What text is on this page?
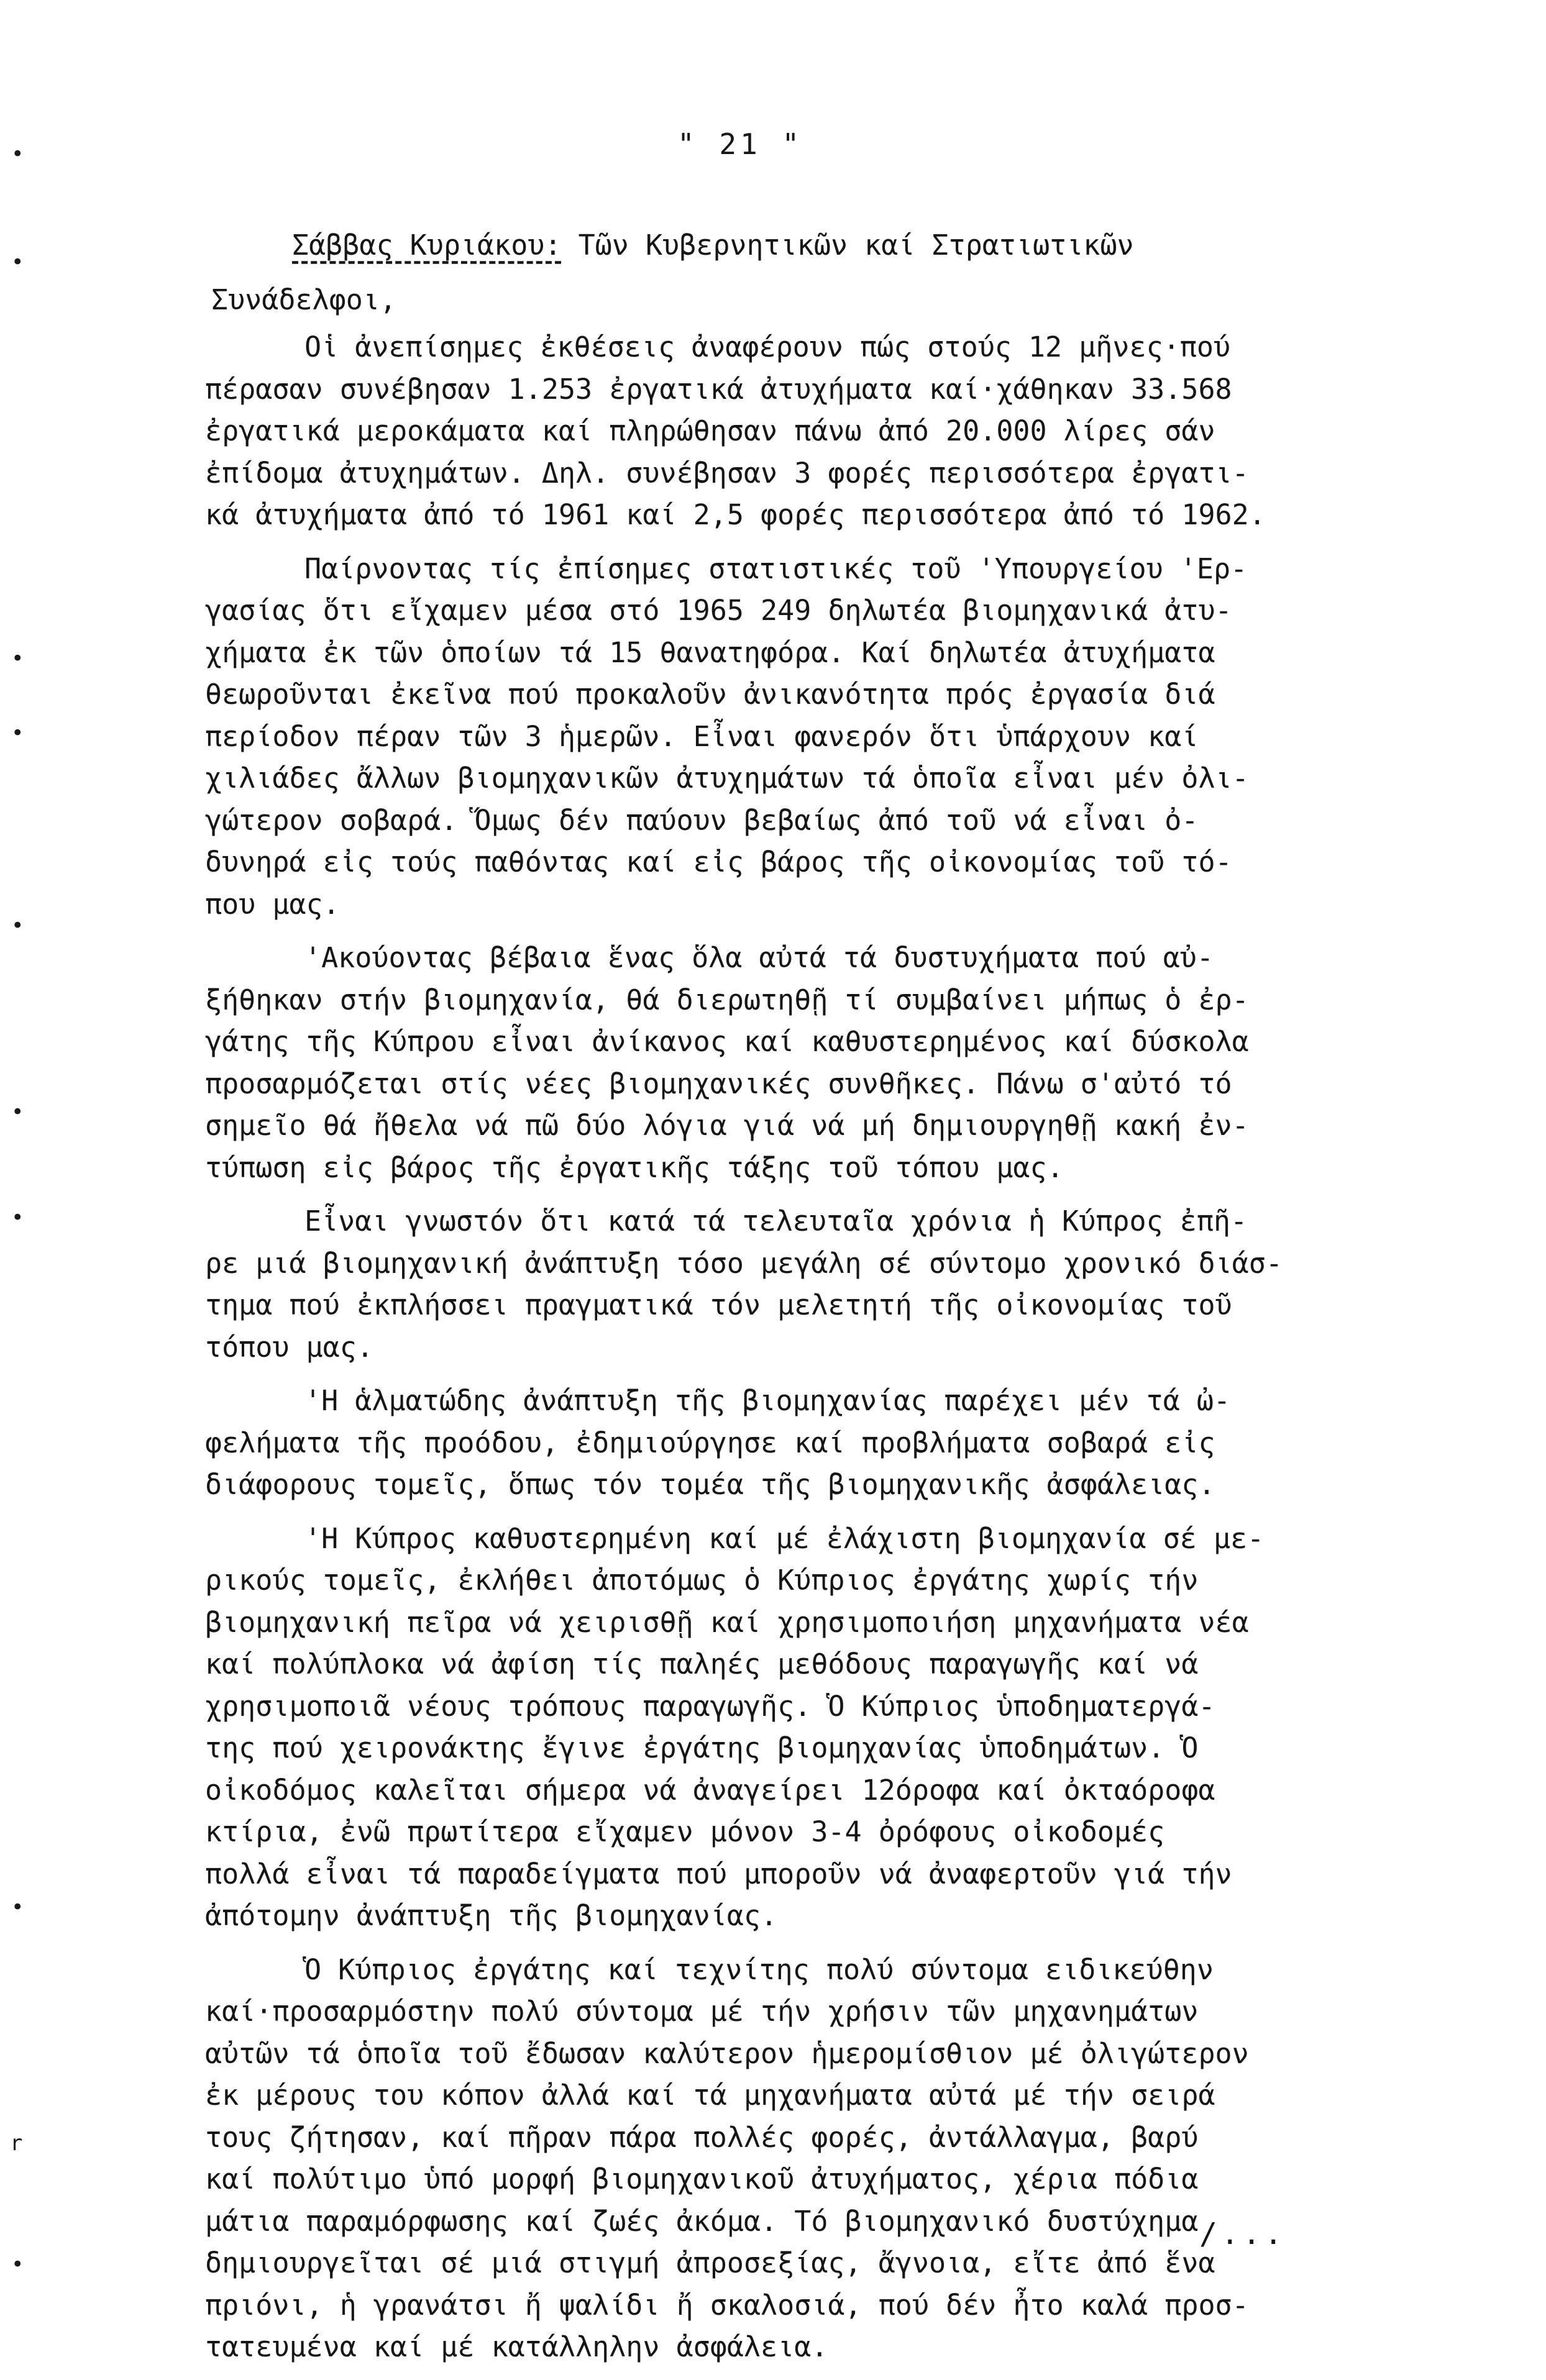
" 21 "
Σάββας Κυριάκου: Τῶν Κυβερνητικῶν καί Στρατιωτικῶν
Συνάδελφοι,
Οἱ ἀνεπίσημες ἐκθέσεις ἀναφέρουν πώς στούς 12 μῆνες·πού
πέρασαν συνέβησαν 1.253 ἐργατικά ἀτυχήματα καί·χάθηκαν 33.568
ἐργατικά μεροκάματα καί πληρώθησαν πάνω ἀπό 20.000 λίρες σάν
ἐπίδομα ἀτυχημάτων. Δηλ. συνέβησαν 3 φορές περισσότερα ἐργατι-
κά ἀτυχήματα ἀπό τό 1961 καί 2,5 φορές περισσότερα ἀπό τό 1962.
Παίρνοντας τίς ἐπίσημες στατιστικές τοῦ 'Υπουργείου 'Ερ-
γασίας ὅτι εἴχαμεν μέσα στό 1965 249 δηλωτέα βιομηχανικά ἀτυ-
χήματα ἐκ τῶν ὁποίων τά 15 θανατηφόρα. Καί δηλωτέα ἀτυχήματα
θεωροῦνται ἐκεῖνα πού προκαλοῦν ἀνικανότητα πρός ἐργασία διά
περίοδον πέραν τῶν 3 ἡμερῶν. Εἶναι φανερόν ὅτι ὑπάρχουν καί
χιλιάδες ἄλλων βιομηχανικῶν ἀτυχημάτων τά ὁποῖα εἶναι μέν ὀλι-
γώτερον σοβαρά. Ὅμως δέν παύουν βεβαίως ἀπό τοῦ νά εἶναι ὀ-
δυνηρά εἰς τούς παθόντας καί εἰς βάρος τῆς οἰκονομίας τοῦ τό-
που μας.
'Ακούοντας βέβαια ἕνας ὅλα αὐτά τά δυστυχήματα πού αὐ-
ξήθηκαν στήν βιομηχανία, θά διερωτηθῇ τί συμβαίνει μήπως ὁ ἐρ-
γάτης τῆς Κύπρου εἶναι ἀνίκανος καί καθυστερημένος καί δύσκολα
προσαρμόζεται στίς νέες βιομηχανικές συνθῆκες. Πάνω σ'αὐτό τό
σημεῖο θά ἤθελα νά πῶ δύο λόγια γιά νά μή δημιουργηθῇ κακή ἐν-
τύπωση εἰς βάρος τῆς ἐργατικῆς τάξης τοῦ τόπου μας.
Εἶναι γνωστόν ὅτι κατά τά τελευταῖα χρόνια ἡ Κύπρος ἐπῆ-
ρε μιά βιομηχανική ἀνάπτυξη τόσο μεγάλη σέ σύντομο χρονικό διάσ-
τημα πού ἐκπλήσσει πραγματικά τόν μελετητή τῆς οἰκονομίας τοῦ
τόπου μας.
'Η ἁλματώδης ἀνάπτυξη τῆς βιομηχανίας παρέχει μέν τά ὠ-
φελήματα τῆς προόδου, ἐδημιούργησε καί προβλήματα σοβαρά εἰς
διάφορους τομεῖς, ὅπως τόν τομέα τῆς βιομηχανικῆς ἀσφάλειας.
'Η Κύπρος καθυστερημένη καί μέ ἐλάχιστη βιομηχανία σέ με-
ρικούς τομεῖς, ἐκλήθει ἀποτόμως ὁ Κύπριος ἐργάτης χωρίς τήν
βιομηχανική πεῖρα νά χειρισθῇ καί χρησιμοποιήση μηχανήματα νέα
καί πολύπλοκα νά ἀφίση τίς παληές μεθόδους παραγωγῆς καί νά
χρησιμοποιᾶ νέους τρόπους παραγωγῆς. Ὁ Κύπριος ὑποδηματεργά-
της πού χειρονάκτης ἔγινε ἐργάτης βιομηχανίας ὑποδημάτων. Ὁ
οἰκοδόμος καλεῖται σήμερα νά ἀναγείρει 12όροφα καί ὀκταόροφα
κτίρια, ἐνῶ πρωτίτερα εἴχαμεν μόνον 3-4 ὀρόφους οἰκοδομές
πολλά εἶναι τά παραδείγματα πού μποροῦν νά ἀναφερτοῦν γιά τήν
ἀπότομην ἀνάπτυξη τῆς βιομηχανίας.
Ὁ Κύπριος ἐργάτης καί τεχνίτης πολύ σύντομα ειδικεύθην
καί·προσαρμόστην πολύ σύντομα μέ τήν χρήσιν τῶν μηχανημάτων
αὐτῶν τά ὁποῖα τοῦ ἔδωσαν καλύτερον ἡμερομίσθιον μέ ὀλιγώτερον
ἐκ μέρους του κόπον ἀλλά καί τά μηχανήματα αὐτά μέ τήν σειρά
τους ζήτησαν, καί πῆραν πάρα πολλές φορές, ἀντάλλαγμα, βαρύ
καί πολύτιμο ὑπό μορφή βιομηχανικοῦ ἀτυχήματος, χέρια πόδια
μάτια παραμόρφωσης καί ζωές ἀκόμα. Τό βιομηχανικό δυστύχημα
δημιουργεῖται σέ μιά στιγμή ἀπροσεξίας, ἄγνοια, εἴτε ἀπό ἕνα
πριόνι, ἡ γρανάτσι ἤ ψαλίδι ἤ σκαλοσιά, πού δέν ἦτο καλά προσ-
τατευμένα καί μέ κατάλληλην ἀσφάλεια.
/...
•
•
•
•
•
•
•
•
r
•
